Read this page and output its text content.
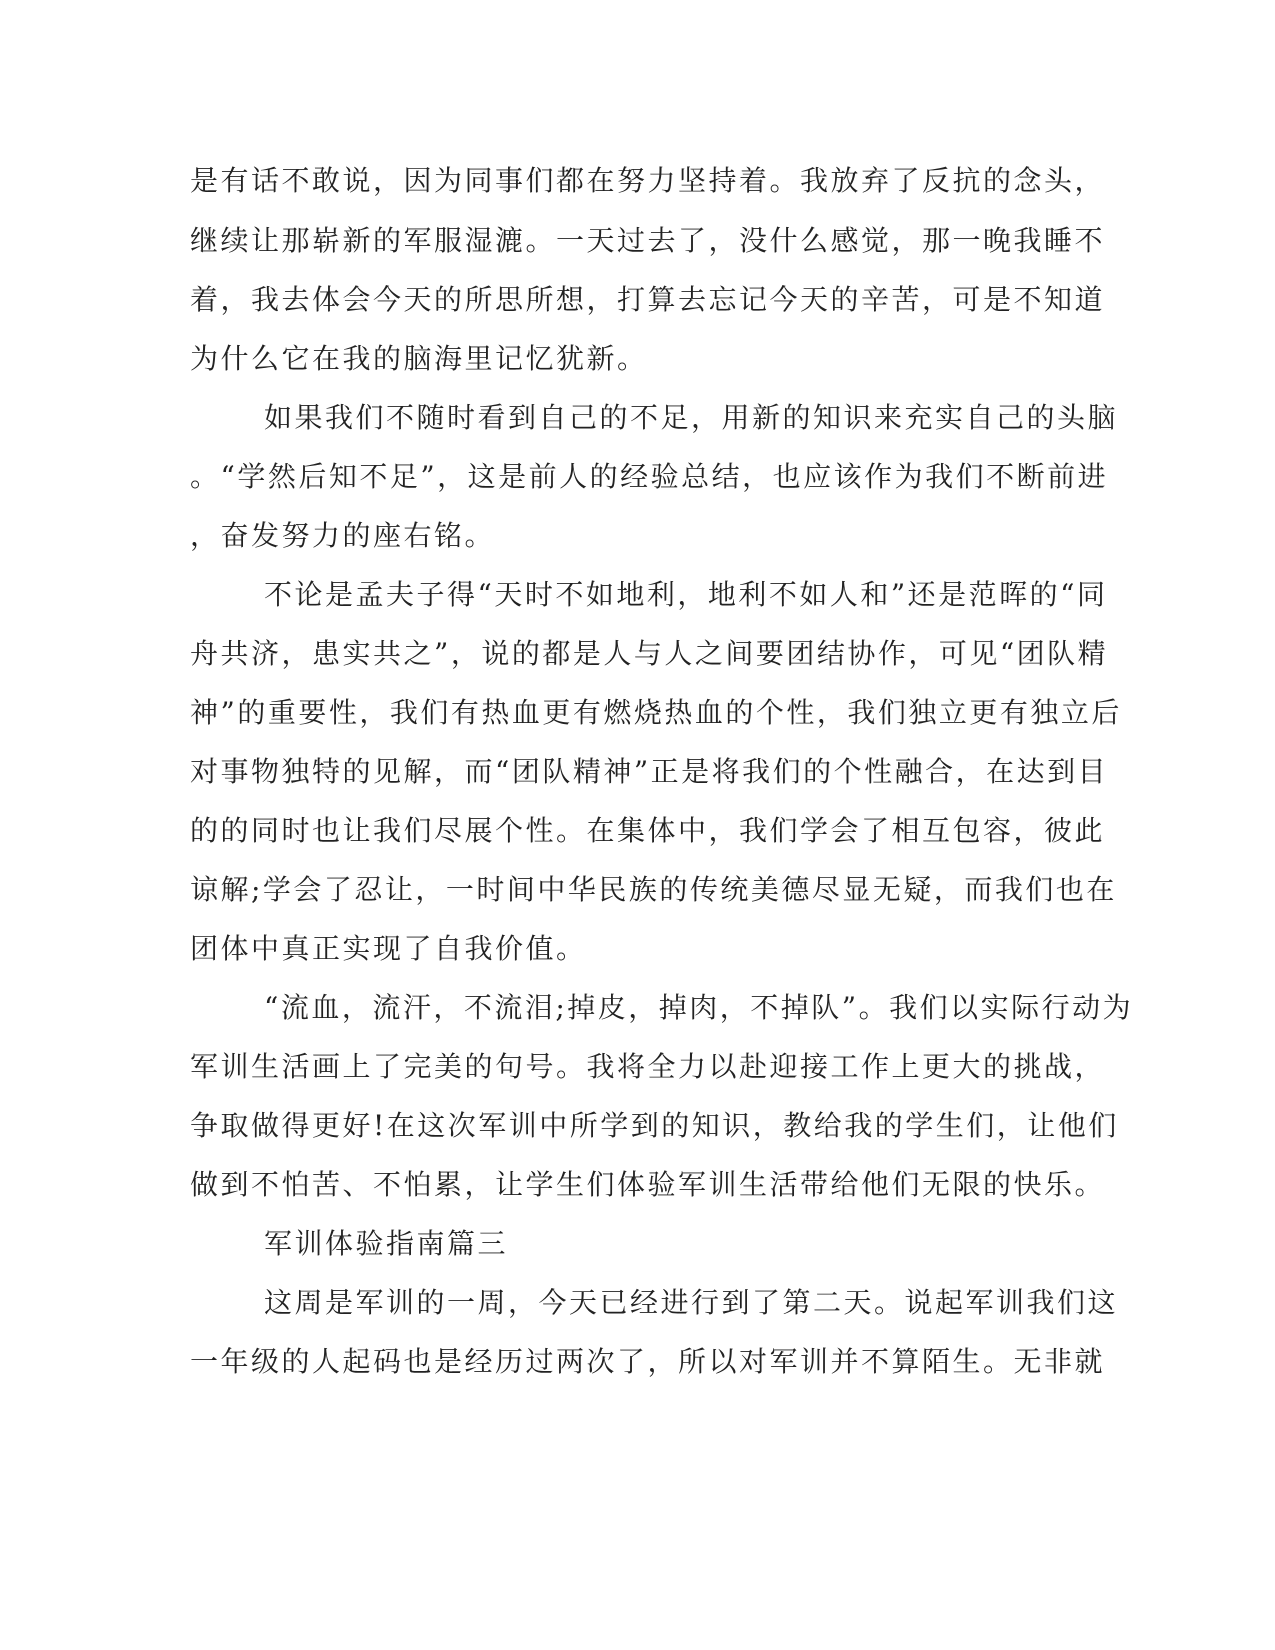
是有话不敢说，因为同事们都在努力坚持着。我放弃了反抗的念头，
继续让那崭新的军服湿漉。一天过去了，没什么感觉，那一晚我睡不
着，我去体会今天的所思所想，打算去忘记今天的辛苦，可是不知道
为什么它在我的脑海里记忆犹新。
如果我们不随时看到自己的不足，用新的知识来充实自己的头脑
。“学然后知不足”，这是前人的经验总结，也应该作为我们不断前进
，奋发努力的座右铭。
不论是孟夫子得“天时不如地利，地利不如人和”还是范晖的“同
舟共济，患实共之”，说的都是人与人之间要团结协作，可见“团队精
神”的重要性，我们有热血更有燃烧热血的个性，我们独立更有独立后
对事物独特的见解，而“团队精神”正是将我们的个性融合，在达到目
的的同时也让我们尽展个性。在集体中，我们学会了相互包容，彼此
谅解;学会了忍让，一时间中华民族的传统美德尽显无疑，而我们也在
团体中真正实现了自我价值。
“流血，流汗，不流泪;掉皮，掉肉，不掉队”。我们以实际行动为
军训生活画上了完美的句号。我将全力以赴迎接工作上更大的挑战，
争取做得更好!在这次军训中所学到的知识，教给我的学生们，让他们
做到不怕苦、不怕累，让学生们体验军训生活带给他们无限的快乐。
军训体验指南篇三
这周是军训的一周，今天已经进行到了第二天。说起军训我们这
一年级的人起码也是经历过两次了，所以对军训并不算陌生。无非就
